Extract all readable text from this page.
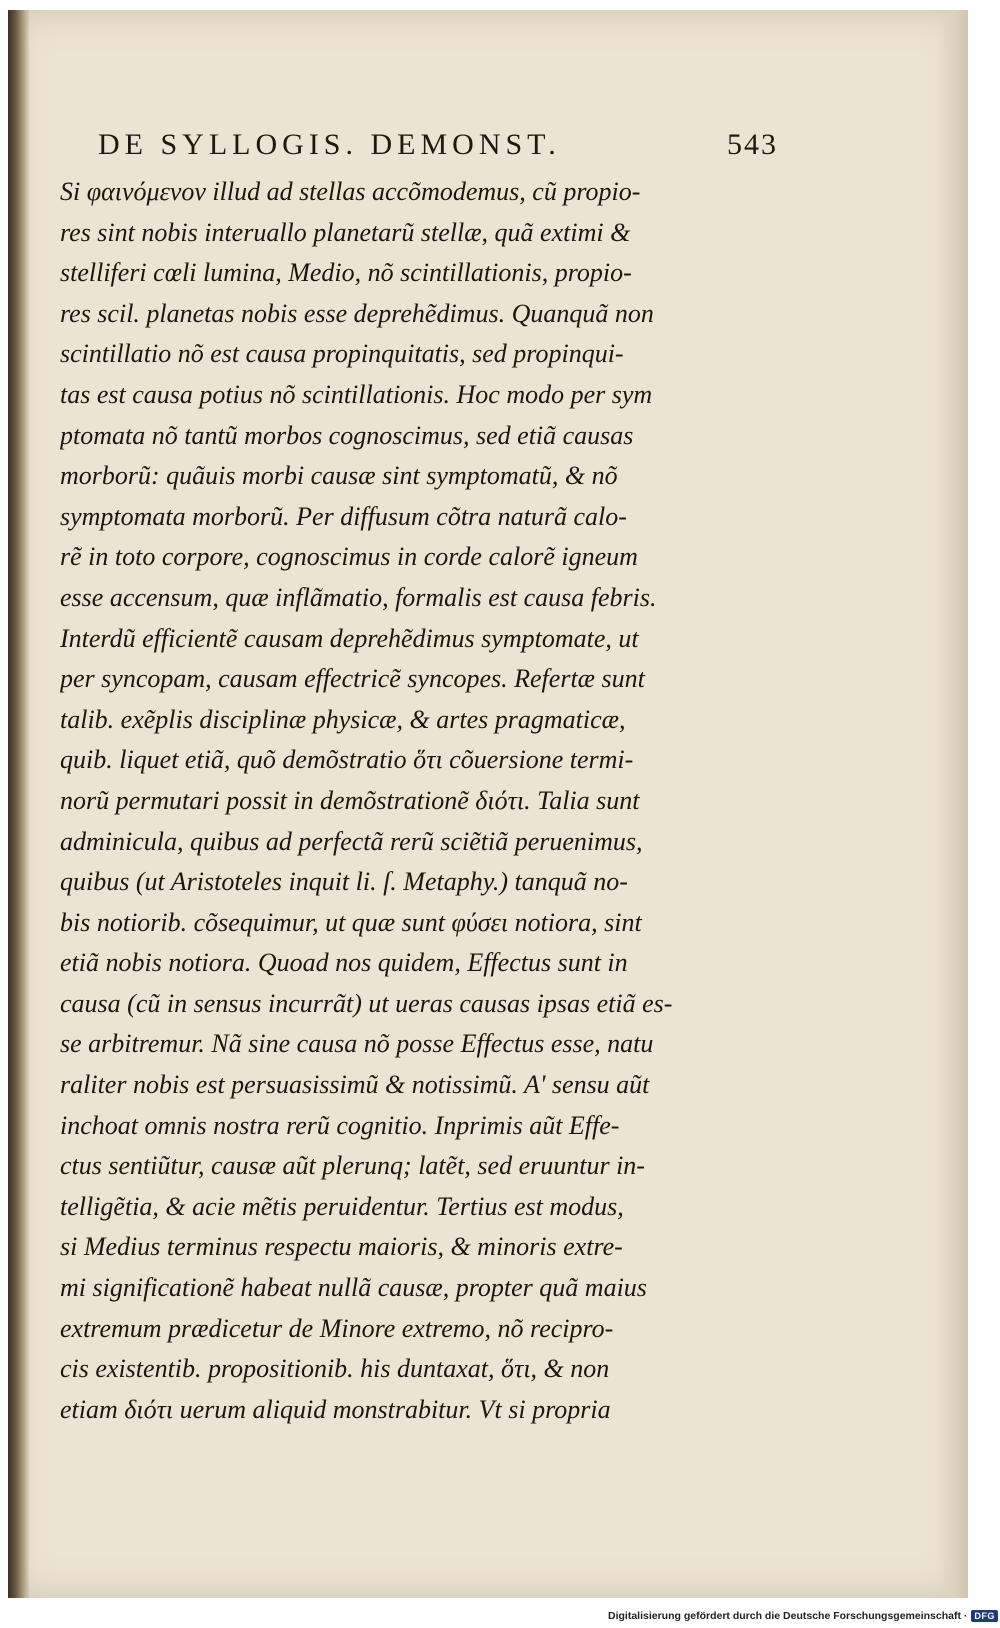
DE SYLLOGIS. DEMONST.	543
Si φαινόμενον illud ad stellas accõmodemus, cũ propio-
res sint nobis interuallo planetarũ stellæ, quã extimi &
stelliferi cœli lumina, Medio, nõ scintillationis, propio-
res scil. planetas nobis esse deprehẽdimus. Quanquã non
scintillatio nõ est causa propinquitatis, sed propinqui-
tas est causa potius nõ scintillationis. Hoc modo per sym
ptomata nõ tantũ morbos cognoscimus, sed etiã causas
morborũ: quãuis morbi causæ sint symptomatũ, & nõ
symptomata morborũ. Per diffusum cõtra naturã calo-
rẽ in toto corpore, cognoscimus in corde calorẽ igneum
esse accensum, quæ inflãmatio, formalis est causa febris.
Interdũ efficientẽ causam deprehẽdimus symptomate, ut
per syncopam, causam effectricẽ syncopes. Refertæ sunt
talib. exẽplis disciplinæ physicæ, & artes pragmaticæ,
quib. liquet etiã, quõ demõstratio ὅτι cõuersione termi-
norũ permutari possit in demõstrationẽ διότι. Talia sunt
adminicula, quibus ad perfectã rerũ sciẽtiã peruenimus,
quibus (ut Aristoteles inquit li. ſ. Metaphy.) tanquã no-
bis notiorib. cõsequimur, ut quæ sunt φύσει notiora, sint
etiã nobis notiora. Quoad nos quidem, Effectus sunt in
causa (cũ in sensus incurrãt) ut ueras causas ipsas etiã es-
se arbitremur. Nã sine causa nõ posse Effectus esse, natu
raliter nobis est persuasissimũ & notissimũ. A' sensu aũt
inchoat omnis nostra rerũ cognitio. Inprimis aũt Effe-
ctus sentiũtur, causæ aũt plerunq; latẽt, sed eruuntur in-
telligẽtia, & acie mẽtis peruidentur. Tertius est modus,
si Medius terminus respectu maioris, & minoris extre-
mi significationẽ habeat nullã causæ, propter quã maius
extremum prædicetur de Minore extremo, nõ recipro-
cis existentib. propositionib. his duntaxat, ὅτι, & non
etiam διότι uerum aliquid monstrabitur. Vt si propria
Digitalisierung gefördert durch die Deutsche Forschungsgemeinschaft · DFG
